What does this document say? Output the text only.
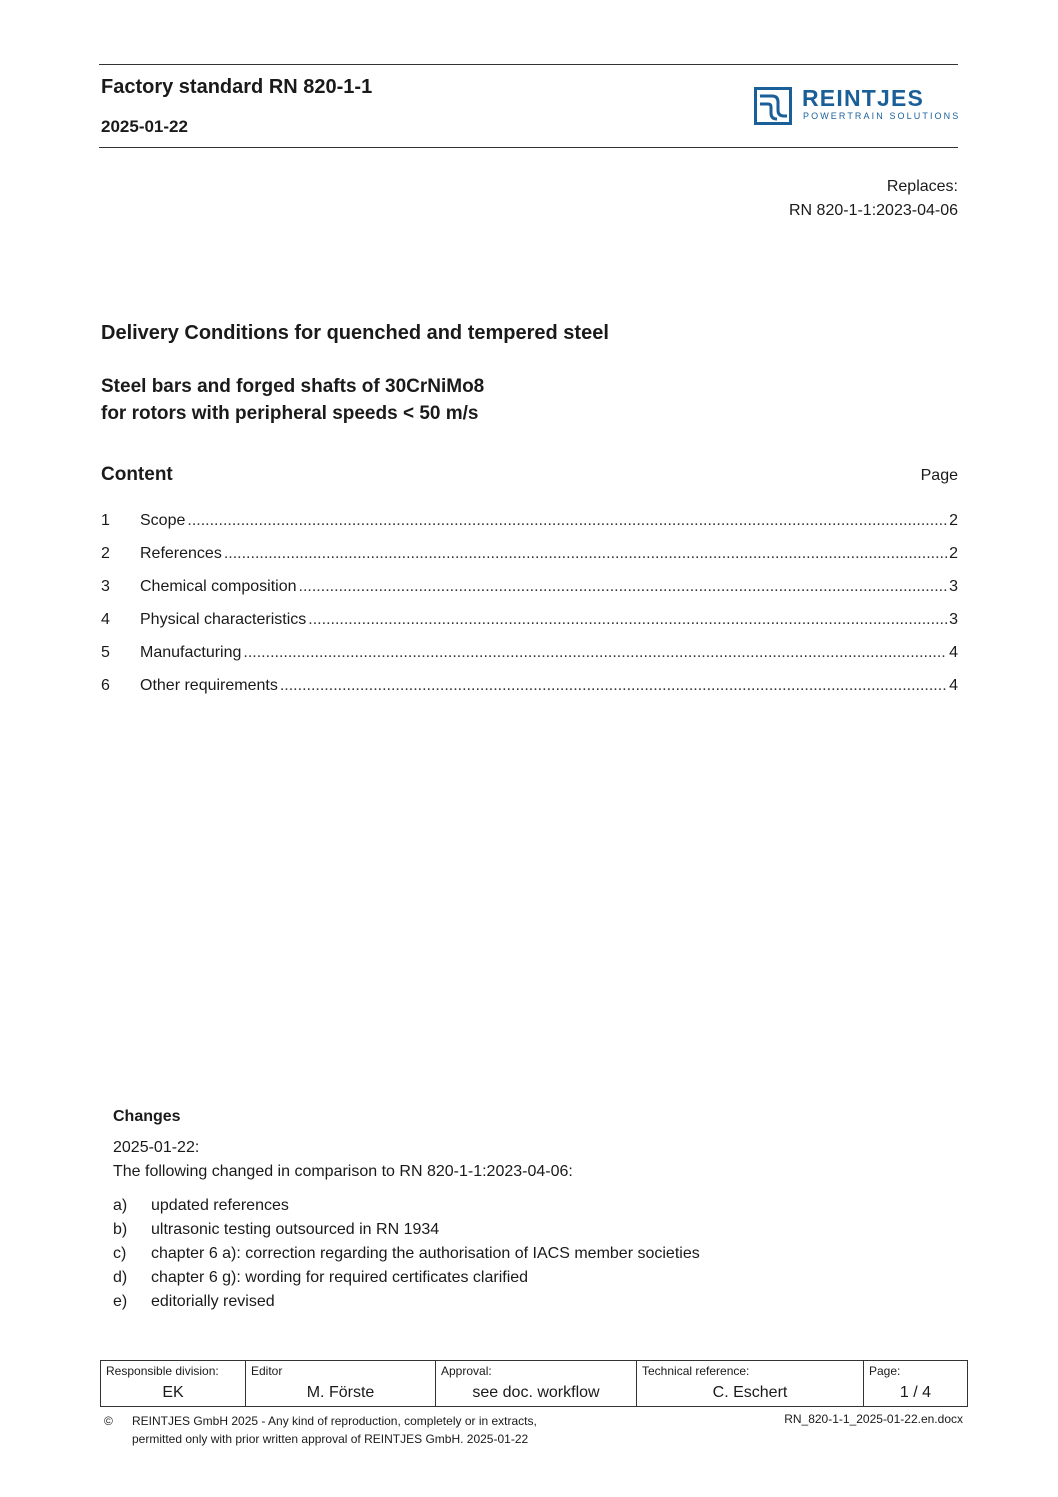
Factory standard RN 820-1-1
2025-01-22
REINTJES
POWERTRAIN SOLUTIONS
Replaces:
RN 820-1-1:2023-04-06
Delivery Conditions for quenched and tempered steel
Steel bars and forged shafts of 30CrNiMo8
for rotors with peripheral speeds < 50 m/s
Content	Page
1	Scope .....	2
2	References .....	2
3	Chemical composition .....	3
4	Physical characteristics .....	3
5	Manufacturing .....	4
6	Other requirements .....	4
Changes
2025-01-22:
The following changed in comparison to RN 820-1-1:2023-04-06:
a)	updated references
b)	ultrasonic testing outsourced in RN 1934
c)	chapter 6 a): correction regarding the authorisation of IACS member societies
d)	chapter 6 g): wording for required certificates clarified
e)	editorially revised
Responsible division:
EK
Editor
M. Förste
Approval:
see doc. workflow
Technical reference:
C. Eschert
Page:
1 / 4
©	REINTJES GmbH 2025 - Any kind of reproduction, completely or in extracts,
permitted only with prior written approval of REINTJES GmbH. 2025-01-22
RN_820-1-1_2025-01-22.en.docx
